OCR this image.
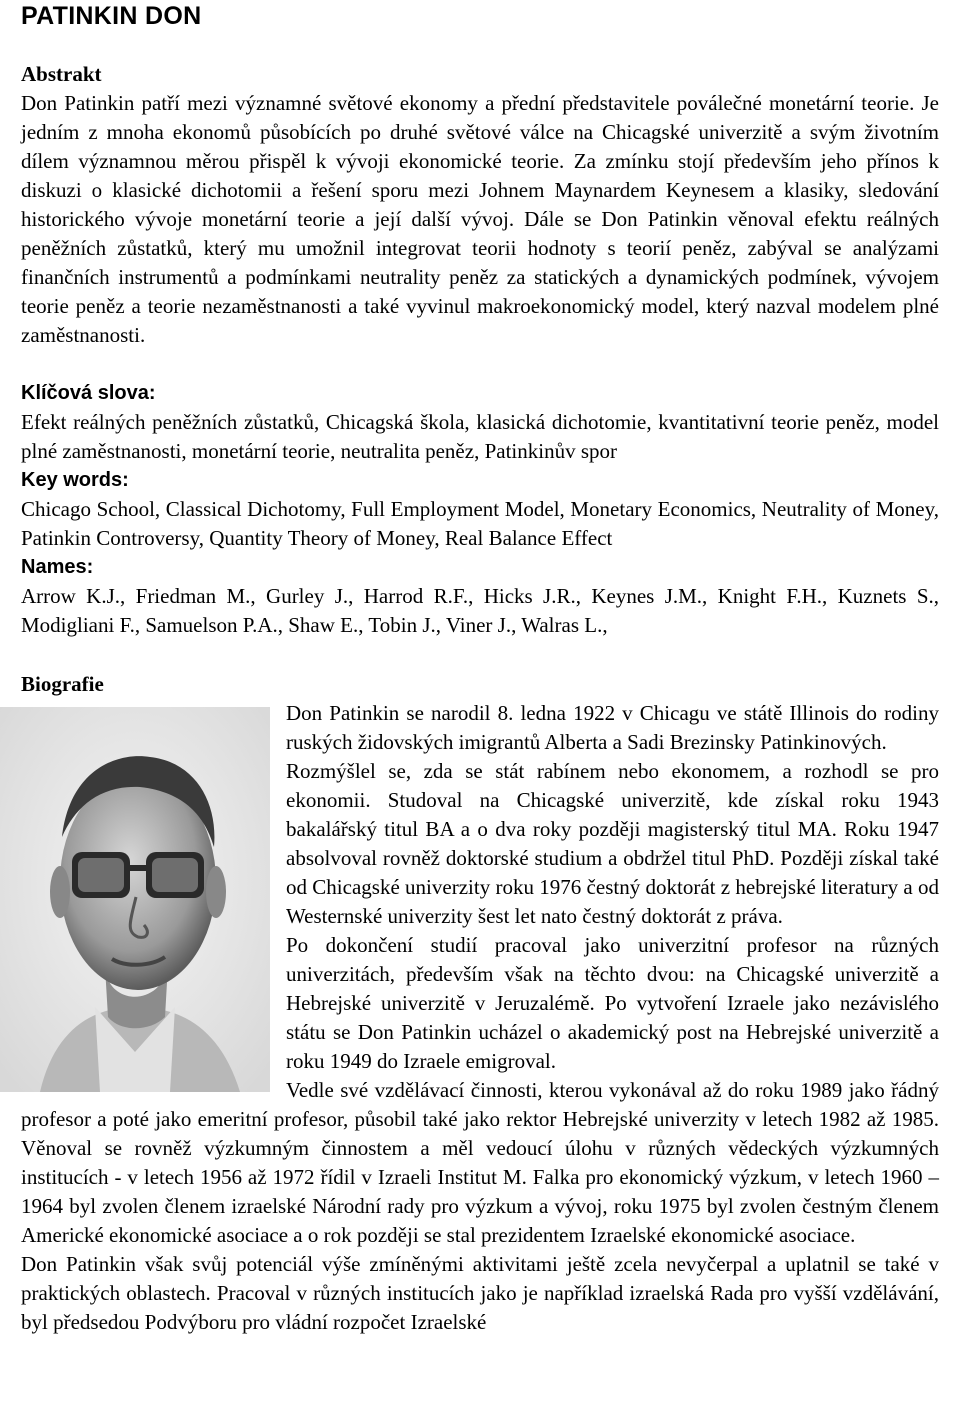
PATINKIN DON
Abstrakt

Don Patinkin patří mezi významné světové ekonomy a přední představitele poválečné monetární teorie. Je jedním z mnoha ekonomů působících po druhé světové válce na Chicagské univerzitě a svým životním dílem významnou měrou přispěl k vývoji ekonomické teorie. Za zmínku stojí především jeho přínos k diskuzi o klasické dichotomii a řešení sporu mezi Johnem Maynardem Keynesem a klasiky, sledování historického vývoje monetární teorie a její další vývoj. Dále se Don Patinkin věnoval efektu reálných peněžních zůstatků, který mu umožnil integrovat teorii hodnoty s teorií peněz, zabýval se analýzami finančních instrumentů a podmínkami neutrality peněz za statických a dynamických podmínek, vývojem teorie peněz a teorie nezaměstnanosti a také vyvinul makroekonomický model, který nazval modelem plné zaměstnanosti.

Klíčová slova:

Efekt reálných peněžních zůstatků, Chicagská škola, klasická dichotomie, kvantitativní teorie peněz, model plné zaměstnanosti, monetární teorie, neutralita peněz, Patinkinův spor

Key words:

Chicago School, Classical Dichotomy, Full Employment Model, Monetary Economics, Neutrality of Money, Patinkin Controversy, Quantity Theory of Money, Real Balance Effect

Names:

Arrow K.J., Friedman M., Gurley J., Harrod R.F., Hicks J.R., Keynes J.M., Knight F.H., Kuznets S., Modigliani F., Samuelson P.A., Shaw E., Tobin J., Viner J., Walras L.,

Biografie

Don Patinkin se narodil 8. ledna 1922 v Chicagu ve státě Illinois do rodiny ruských židovských imigrantů Alberta a Sadi Brezinsky Patinkinových.

Rozmýšlel se, zda se stát rabínem nebo ekonomem, a rozhodl se pro ekonomii. Studoval na Chicagské univerzitě, kde získal roku 1943 bakalářský titul BA a o dva roky později magisterský titul MA. Roku 1947 absolvoval rovněž doktorské studium a obdržel titul PhD. Později získal také od Chicagské univerzity roku 1976 čestný doktorát z hebrejské literatury a od Westernské univerzity šest let nato čestný doktorát z práva.

Po dokončení studií pracoval jako univerzitní profesor na různých univerzitách, především však na těchto dvou: na Chicagské univerzitě a Hebrejské univerzitě v Jeruzalémě. Po vytvoření Izraele jako nezávislého státu se Don Patinkin ucházel o akademický post na Hebrejské univerzitě a roku 1949 do Izraele emigroval.

Vedle své vzdělávací činnosti, kterou vykonával až do roku 1989 jako řádný profesor a poté jako emeritní profesor, působil také jako rektor Hebrejské univerzity v letech 1982 až 1985. Věnoval se rovněž výzkumným činnostem a měl vedoucí úlohu v různých vědeckých výzkumných institucích - v letech 1956 až 1972 řídil v Izraeli Institut M. Falka pro ekonomický výzkum, v letech 1960 – 1964 byl zvolen členem izraelské Národní rady pro výzkum a vývoj, roku 1975 byl zvolen čestným členem Americké ekonomické asociace a o rok později se stal prezidentem Izraelské ekonomické asociace.

Don Patinkin však svůj potenciál výše zmíněnými aktivitami ještě zcela nevyčerpal a uplatnil se také v praktických oblastech. Pracoval v různých institucích jako je například izraelská Rada pro vyšší vzdělávání, byl předsedou Podvýboru pro vládní rozpočet Izraelské
